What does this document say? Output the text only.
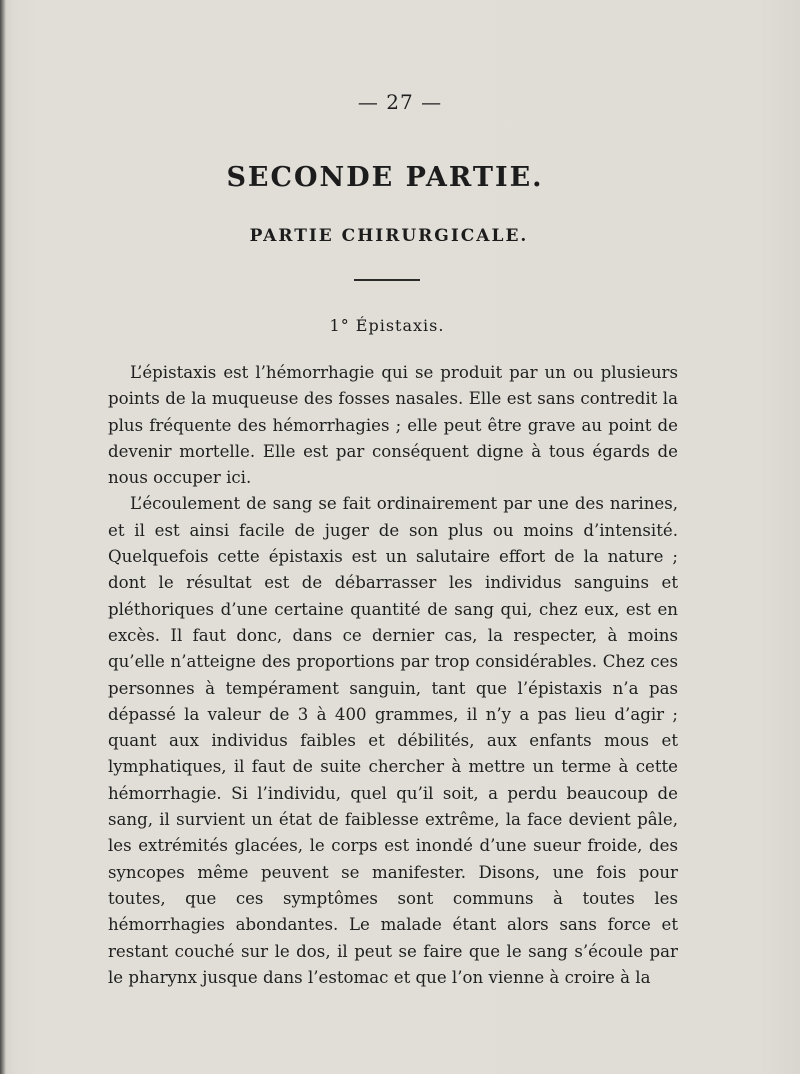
— 27 —
SECONDE PARTIE.
PARTIE CHIRURGICALE.
1° Épistaxis.

L’épistaxis est l’hémorrhagie qui se produit par un ou plusieurs points de la muqueuse des fosses nasales. Elle est sans contredit la plus fréquente des hémorrhagies ; elle peut être grave au point de devenir mortelle. Elle est par conséquent digne à tous égards de nous occuper ici.

L’écoulement de sang se fait ordinairement par une des narines, et il est ainsi facile de juger de son plus ou moins d’intensité. Quelquefois cette épistaxis est un salutaire effort de la nature ; dont le résultat est de débarrasser les individus sanguins et pléthoriques d’une certaine quantité de sang qui, chez eux, est en excès. Il faut donc, dans ce dernier cas, la respecter, à moins qu’elle n’atteigne des proportions par trop considérables. Chez ces personnes à tempérament sanguin, tant que l’épistaxis n’a pas dépassé la valeur de 3 à 400 grammes, il n’y a pas lieu d’agir ; quant aux individus faibles et débilités, aux enfants mous et lymphatiques, il faut de suite chercher à mettre un terme à cette hémorrhagie. Si l’individu, quel qu’il soit, a perdu beaucoup de sang, il survient un état de faiblesse extrême, la face devient pâle, les extrémités glacées, le corps est inondé d’une sueur froide, des syncopes même peuvent se manifester. Disons, une fois pour toutes, que ces symptômes sont communs à toutes les hémorrhagies abondantes. Le malade étant alors sans force et restant couché sur le dos, il peut se faire que le sang s’écoule par le pharynx jusque dans l’estomac et que l’on vienne à croire à la
